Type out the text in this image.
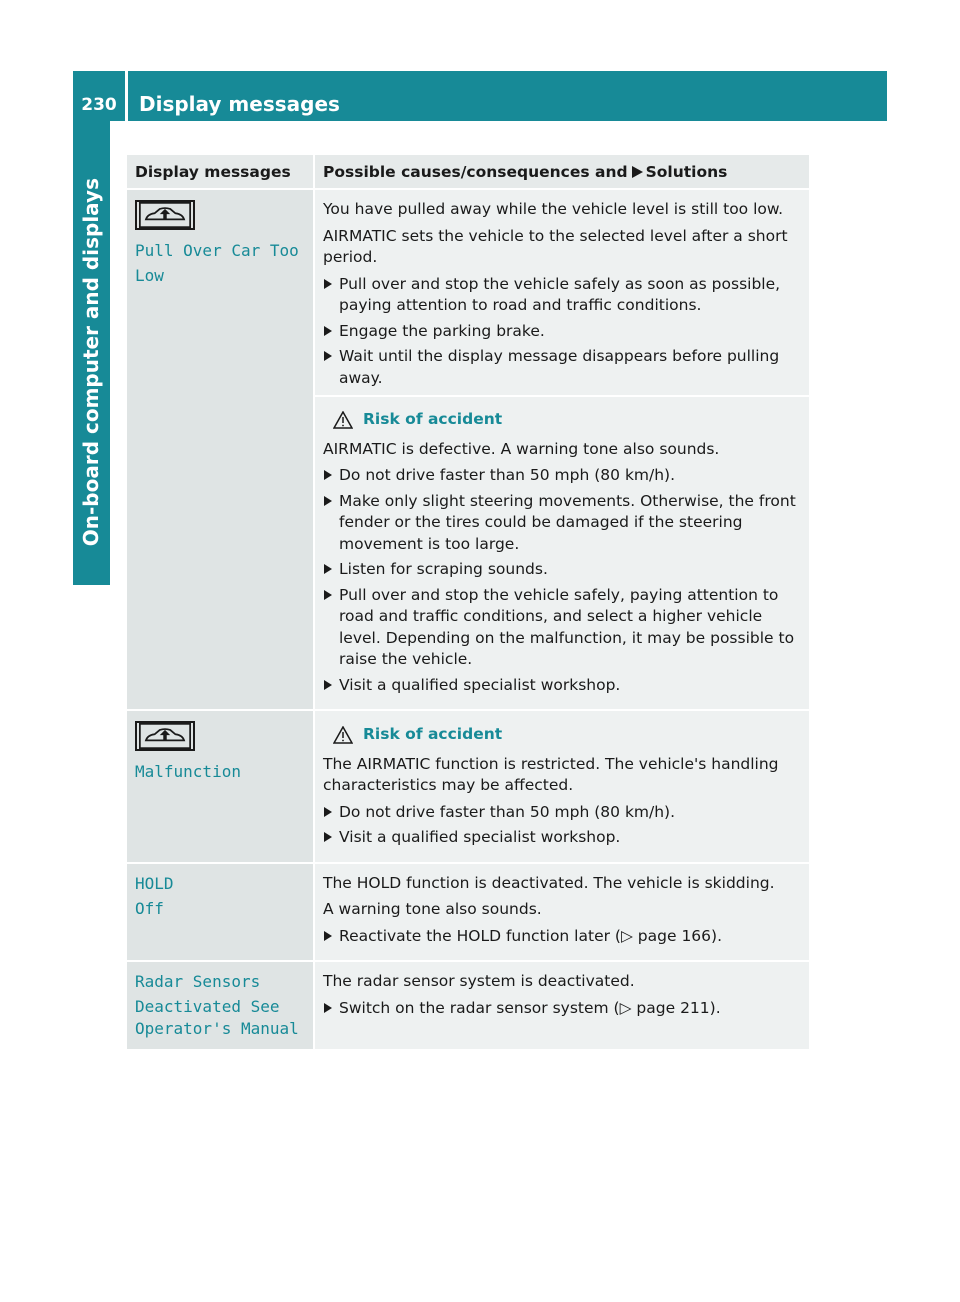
230	Display messages
On-board computer and displays
Display messages	Possible causes/consequences and Solutions

Pull Over Car Too

Low

You have pulled away while the vehicle level is still too low.

AIRMATIC sets the vehicle to the selected level after a short period.

Pull over and stop the vehicle safely as soon as possible, paying attention to road and traffic conditions.
Engage the parking brake.
Wait until the display message disappears before pulling away.
Risk of accident

AIRMATIC is defective. A warning tone also sounds.

Do not drive faster than 50 mph (80 km/h).
Make only slight steering movements. Otherwise, the front fender or the tires could be damaged if the steering movement is too large.
Listen for scraping sounds.
Pull over and stop the vehicle safely, paying attention to road and traffic conditions, and select a higher vehicle level. Depending on the malfunction, it may be possible to raise the vehicle.
Visit a qualified specialist workshop.

Malfunction

Risk of accident

The AIRMATIC function is restricted. The vehicle's handling characteristics may be affected.

Do not drive faster than 50 mph (80 km/h).
Visit a qualified specialist workshop.

HOLD

Off

The HOLD function is deactivated. The vehicle is skidding.

A warning tone also sounds.

Reactivate the HOLD function later (▷ page 166).

Radar Sensors

Deactivated See Operator's Manual

The radar sensor system is deactivated.

Switch on the radar sensor system (▷ page 211).
